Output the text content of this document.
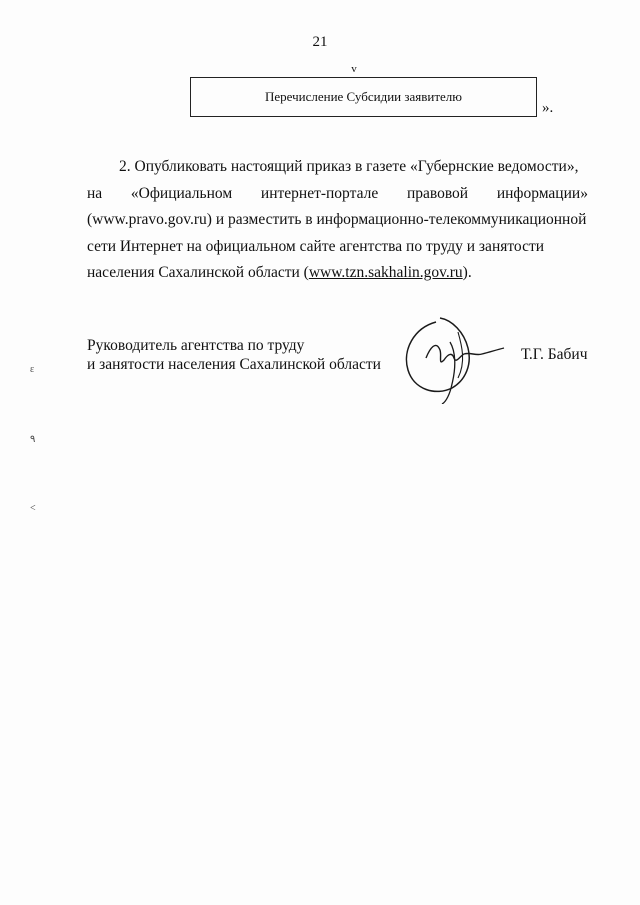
21
v
Перечисление Субсидии заявителю
».
2. Опубликовать настоящий приказ в газете «Губернские ведомости»,
на «Официальном интернет-портале правовой информации»
(www.pravo.gov.ru) и разместить в информационно-телекоммуникационной
сети Интернет на официальном сайте агентства по труду и занятости
населения Сахалинской области (www.tzn.sakhalin.gov.ru).
Руководитель агентства по труду
и занятости населения Сахалинской области
Т.Г. Бабич
ε
٩
<
